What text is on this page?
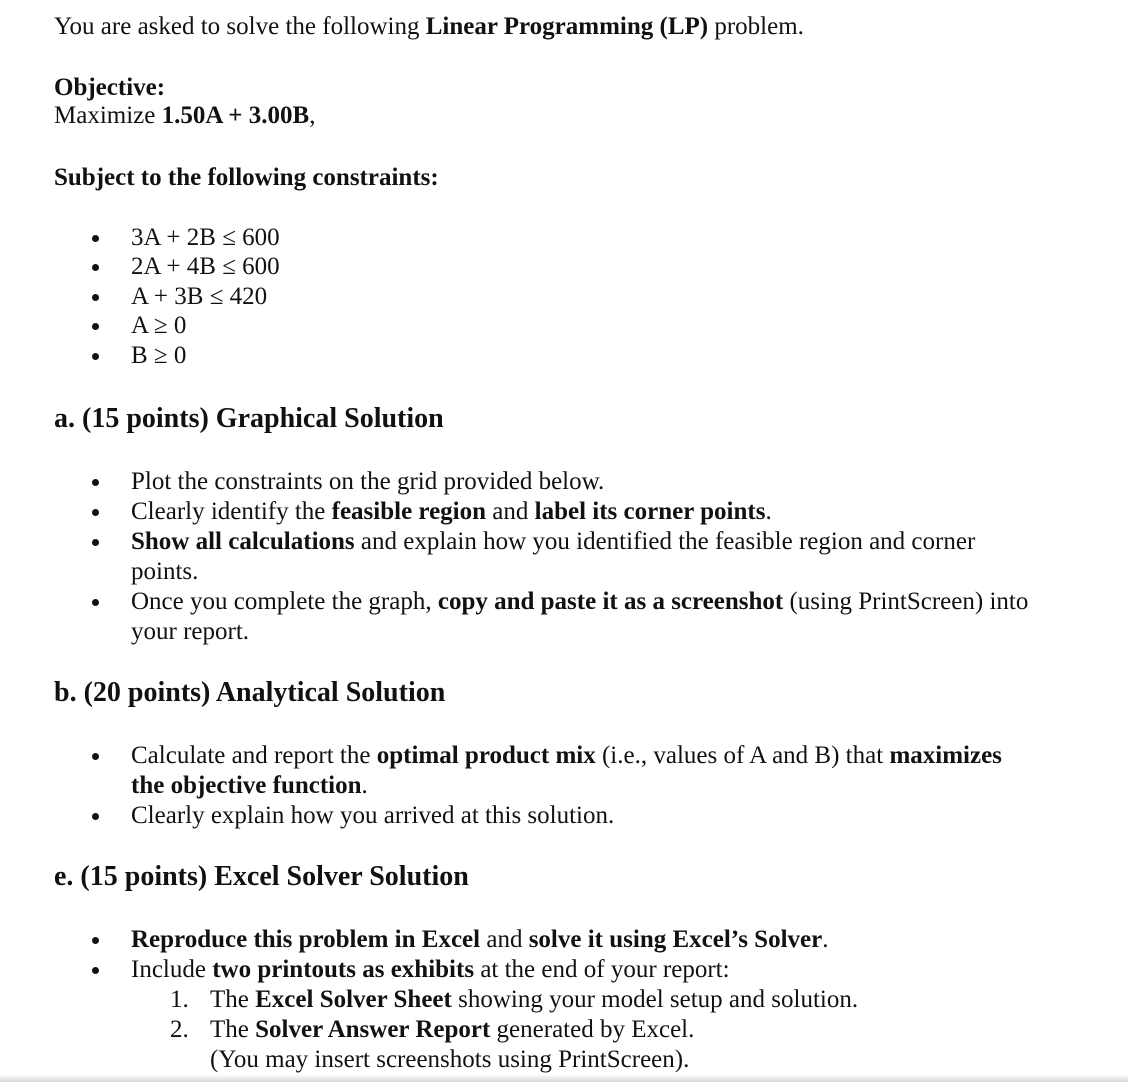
You are asked to solve the following Linear Programming (LP) problem.
Objective:
Maximize 1.50A + 3.00B,
Subject to the following constraints:
3A + 2B ≤ 600
2A + 4B ≤ 600
A + 3B ≤ 420
A ≥ 0
B ≥ 0
a. (15 points) Graphical Solution
Plot the constraints on the grid provided below.
Clearly identify the feasible region and label its corner points.
Show all calculations and explain how you identified the feasible region and corner
points.
Once you complete the graph, copy and paste it as a screenshot (using PrintScreen) into
your report.
b. (20 points) Analytical Solution
Calculate and report the optimal product mix (i.e., values of A and B) that maximizes
the objective function.
Clearly explain how you arrived at this solution.
e. (15 points) Excel Solver Solution
Reproduce this problem in Excel and solve it using Excel’s Solver.
Include two printouts as exhibits at the end of your report:
1. The Excel Solver Sheet showing your model setup and solution.
2. The Solver Answer Report generated by Excel.
(You may insert screenshots using PrintScreen).
